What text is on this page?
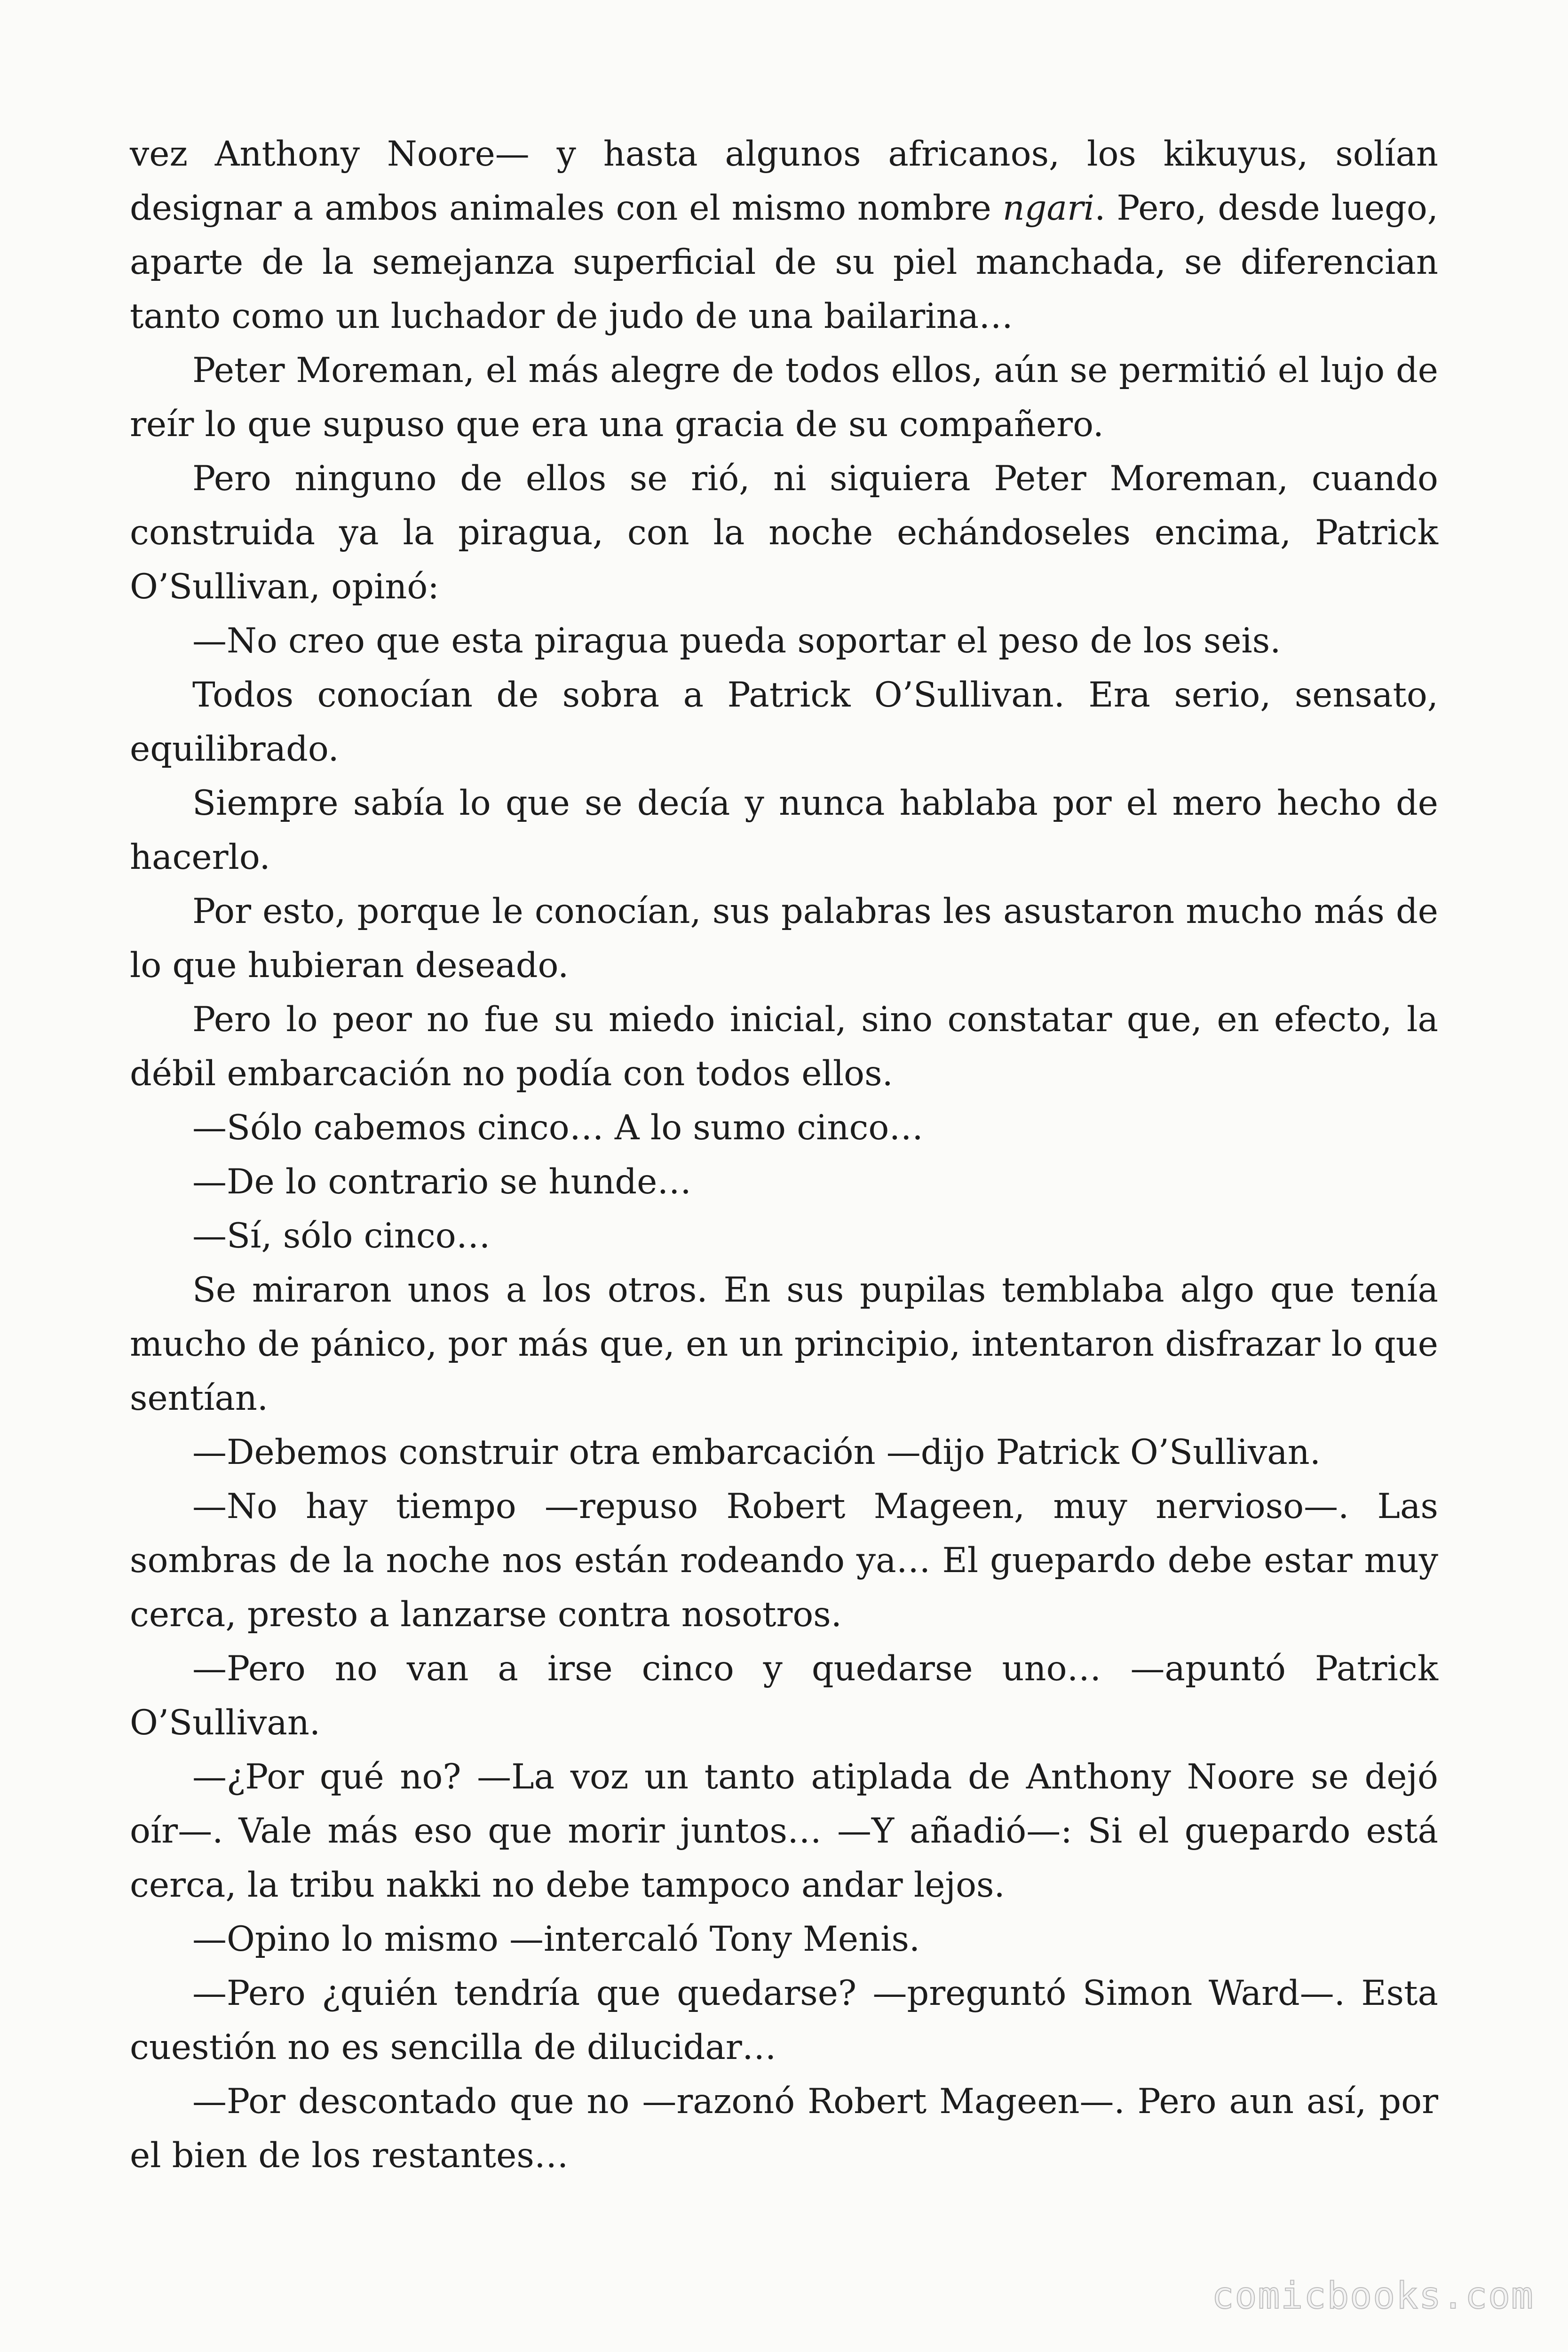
vez Anthony Noore— y hasta algunos africanos, los kikuyus, solían designar a ambos animales con el mismo nombre ngari. Pero, desde luego, aparte de la semejanza superficial de su piel manchada, se diferencian tanto como un luchador de judo de una bailarina…

Peter Moreman, el más alegre de todos ellos, aún se permitió el lujo de reír lo que supuso que era una gracia de su compañero.

Pero ninguno de ellos se rió, ni siquiera Peter Moreman, cuando construida ya la piragua, con la noche echándoseles encima, Patrick O’Sullivan, opinó:

—No creo que esta piragua pueda soportar el peso de los seis.

Todos conocían de sobra a Patrick O’Sullivan. Era serio, sensato, equilibrado.

Siempre sabía lo que se decía y nunca hablaba por el mero hecho de hacerlo.

Por esto, porque le conocían, sus palabras les asustaron mucho más de lo que hubieran deseado.

Pero lo peor no fue su miedo inicial, sino constatar que, en efecto, la débil embarcación no podía con todos ellos.

—Sólo cabemos cinco… A lo sumo cinco…

—De lo contrario se hunde…

—Sí, sólo cinco…

Se miraron unos a los otros. En sus pupilas temblaba algo que tenía mucho de pánico, por más que, en un principio, intentaron disfrazar lo que sentían.

—Debemos construir otra embarcación —dijo Patrick O’Sullivan.

—No hay tiempo —repuso Robert Mageen, muy nervioso—. Las sombras de la noche nos están rodeando ya… El guepardo debe estar muy cerca, presto a lanzarse contra nosotros.

—Pero no van a irse cinco y quedarse uno… —apuntó Patrick O’Sullivan.

—¿Por qué no? —La voz un tanto atiplada de Anthony Noore se dejó oír—. Vale más eso que morir juntos… —Y añadió—: Si el guepardo está cerca, la tribu nakki no debe tampoco andar lejos.

—Opino lo mismo —intercaló Tony Menis.

—Pero ¿quién tendría que quedarse? —preguntó Simon Ward—. Esta cuestión no es sencilla de dilucidar…

—Por descontado que no —razonó Robert Mageen—. Pero aun así, por el bien de los restantes…

comicbooks.com
